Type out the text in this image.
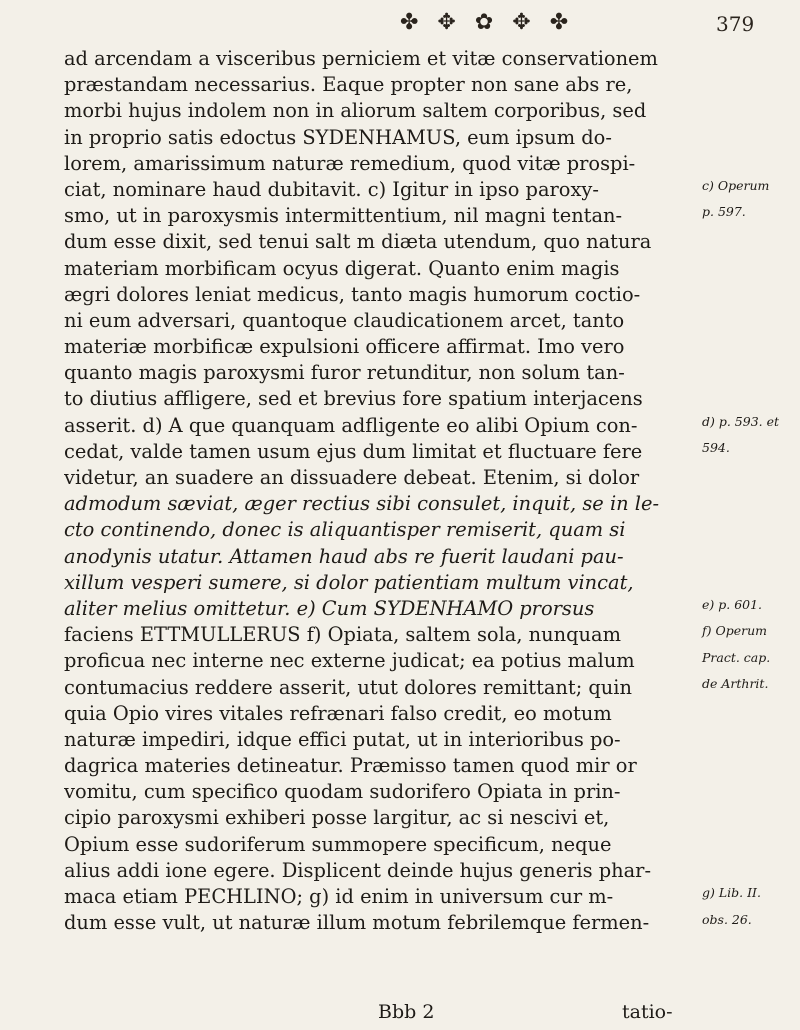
✤ ✥ ✿ ✥ ✤	379
ad arcendam a visceribus perniciem et vitæ conservationem
præstandam necessarius. Eaque propter non sane abs re,
morbi hujus indolem non in aliorum saltem corporibus, sed
in proprio satis edoctus SYDENHAMUS, eum ipsum do-
lorem, amarissimum naturæ remedium, quod vitæ prospi-
ciat, nominare haud dubitavit. c) Igitur in ipso paroxy-
smo, ut in paroxysmis intermittentium, nil magni tentan-
dum esse dixit, sed tenui salt m diæta utendum, quo natura
materiam morbificam ocyus digerat. Quanto enim magis
ægri dolores leniat medicus, tanto magis humorum coctio-
ni eum adversari, quantoque claudicationem arcet, tanto
materiæ morbificæ expulsioni officere affirmat. Imo vero
quanto magis paroxysmi furor retunditur, non solum tan-
to diutius affligere, sed et brevius fore spatium interjacens
asserit. d) A que quanquam adfligente eo alibi Opium con-
cedat, valde tamen usum ejus dum limitat et fluctuare fere
videtur, an suadere an dissuadere debeat. Etenim, si dolor
admodum sæviat, æger rectius sibi consulet, inquit, se in le-
cto continendo, donec is aliquantisper remiserit, quam si
anodynis utatur. Attamen haud abs re fuerit laudani pau-
xillum vesperi sumere, si dolor patientiam multum vincat,
aliter melius omittetur. e) Cum SYDENHAMO prorsus
faciens ETTMULLERUS f) Opiata, saltem sola, nunquam
proficua nec interne nec externe judicat; ea potius malum
contumacius reddere asserit, utut dolores remittant; quin
quia Opio vires vitales refrænari falso credit, eo motum
naturæ impediri, idque effici putat, ut in interioribus po-
dagrica materies detineatur. Præmisso tamen quod mir or
vomitu, cum specifico quodam sudorifero Opiata in prin-
cipio paroxysmi exhiberi posse largitur, ac si nescivi et,
Opium esse sudoriferum summopere specificum, neque
alius addi ione egere. Displicent deinde hujus generis phar-
maca etiam PECHLINO; g) id enim in universum cur m-
dum esse vult, ut naturæ illum motum febrilemque fermen-
c) Operum
p. 597.
d) p. 593. et
594.
e) p. 601.
f) Operum
Pract. cap.
de Arthrit.
g) Lib. II.
obs. 26.
Bbb 2	tatio-
